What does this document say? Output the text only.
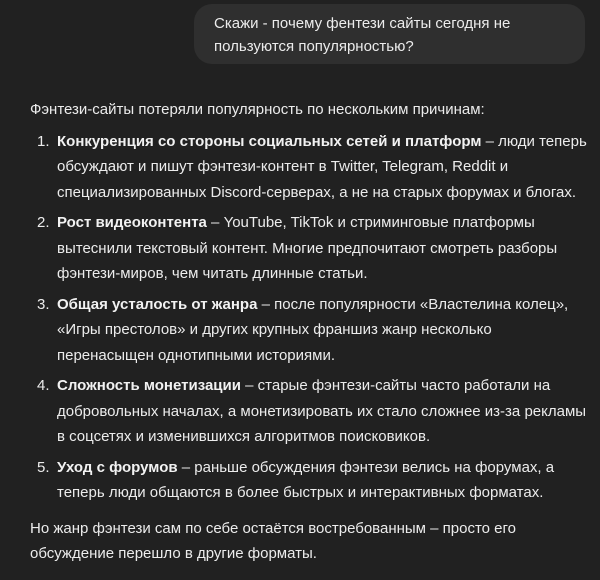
Скажи - почему фентези сайты сегодня не пользуются популярностью?

Фэнтези-сайты потеряли популярность по нескольким причинам:

1. Конкуренция со стороны социальных сетей и платформ – люди теперь обсуждают и пишут фэнтези-контент в Twitter, Telegram, Reddit и специализированных Discord-серверах, а не на старых форумах и блогах.
2. Рост видеоконтента – YouTube, TikTok и стриминговые платформы вытеснили текстовый контент. Многие предпочитают смотреть разборы фэнтези-миров, чем читать длинные статьи.
3. Общая усталость от жанра – после популярности «Властелина колец», «Игры престолов» и других крупных франшиз жанр несколько перенасыщен однотипными историями.
4. Сложность монетизации – старые фэнтези-сайты часто работали на добровольных началах, а монетизировать их стало сложнее из-за рекламы в соцсетях и изменившихся алгоритмов поисковиков.
5. Уход с форумов – раньше обсуждения фэнтези велись на форумах, а теперь люди общаются в более быстрых и интерактивных форматах.

Но жанр фэнтези сам по себе остаётся востребованным – просто его обсуждение перешло в другие форматы.
